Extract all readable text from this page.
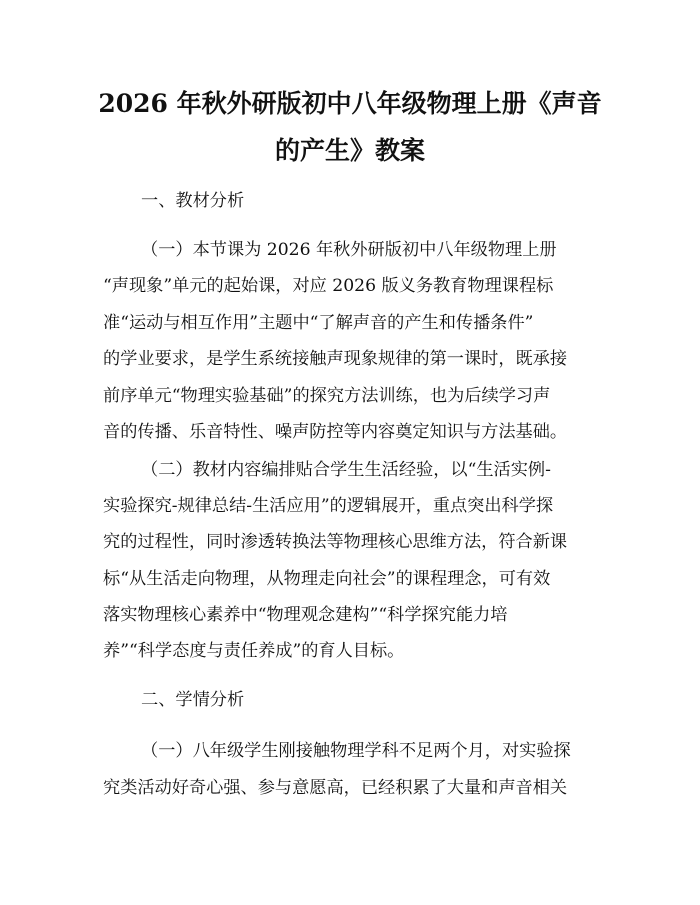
2026 年秋外研版初中八年级物理上册《声音
的产生》教案
一、教材分析
（一）本节课为 2026 年秋外研版初中八年级物理上册
“声现象”单元的起始课，对应 2026 版义务教育物理课程标
准“运动与相互作用”主题中“了解声音的产生和传播条件”
的学业要求，是学生系统接触声现象规律的第一课时，既承接
前序单元“物理实验基础”的探究方法训练，也为后续学习声
音的传播、乐音特性、噪声防控等内容奠定知识与方法基础。
（二）教材内容编排贴合学生生活经验，以“生活实例-
实验探究-规律总结-生活应用”的逻辑展开，重点突出科学探
究的过程性，同时渗透转换法等物理核心思维方法，符合新课
标“从生活走向物理，从物理走向社会”的课程理念，可有效
落实物理核心素养中“物理观念建构”“科学探究能力培
养”“科学态度与责任养成”的育人目标。
二、学情分析
（一）八年级学生刚接触物理学科不足两个月，对实验探
究类活动好奇心强、参与意愿高，已经积累了大量和声音相关
